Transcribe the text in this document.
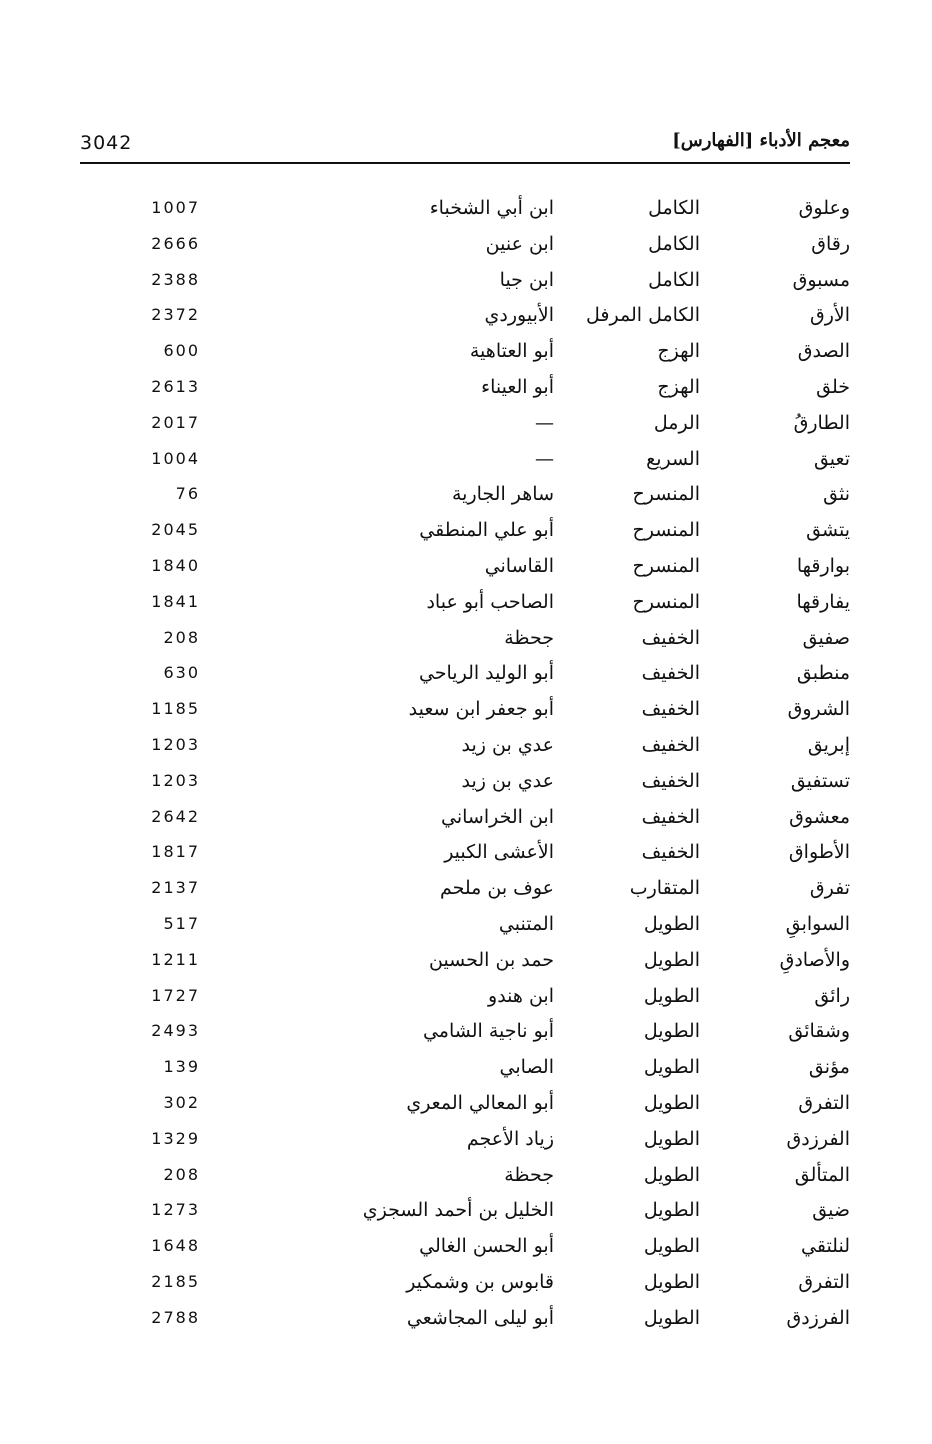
3042	معجم الأدباء [الفهارس]
وعلوق
الكامل
ابن أبي الشخباء
1007
رقاق
الكامل
ابن عنين
2666
مسبوق
الكامل
ابن جيا
2388
الأرق
الكامل المرفل
الأبيوردي
2372
الصدق
الهزج
أبو العتاهية
600
خلق
الهزج
أبو العيناء
2613
الطارقُ
الرمل
—
2017
تعيق
السريع
—
1004
نثق
المنسرح
ساهر الجارية
76
يتشق
المنسرح
أبو علي المنطقي
2045
بوارقها
المنسرح
القاساني
1840
يفارقها
المنسرح
الصاحب أبو عباد
1841
صفيق
الخفيف
جحظة
208
منطبق
الخفيف
أبو الوليد الرياحي
630
الشروق
الخفيف
أبو جعفر ابن سعيد
1185
إبريق
الخفيف
عدي بن زيد
1203
تستفيق
الخفيف
عدي بن زيد
1203
معشوق
الخفيف
ابن الخراساني
2642
الأطواق
الخفيف
الأعشى الكبير
1817
تفرق
المتقارب
عوف بن ملحم
2137
السوابقِ
الطويل
المتنبي
517
والأصادقِ
الطويل
حمد بن الحسين
1211
رائق
الطويل
ابن هندو
1727
وشقائق
الطويل
أبو ناجية الشامي
2493
مؤنق
الطويل
الصابي
139
التفرق
الطويل
أبو المعالي المعري
302
الفرزدق
الطويل
زياد الأعجم
1329
المتألق
الطويل
جحظة
208
ضيق
الطويل
الخليل بن أحمد السجزي
1273
لنلتقي
الطويل
أبو الحسن الغالي
1648
التفرق
الطويل
قابوس بن وشمكير
2185
الفرزدق
الطويل
أبو ليلى المجاشعي
2788
